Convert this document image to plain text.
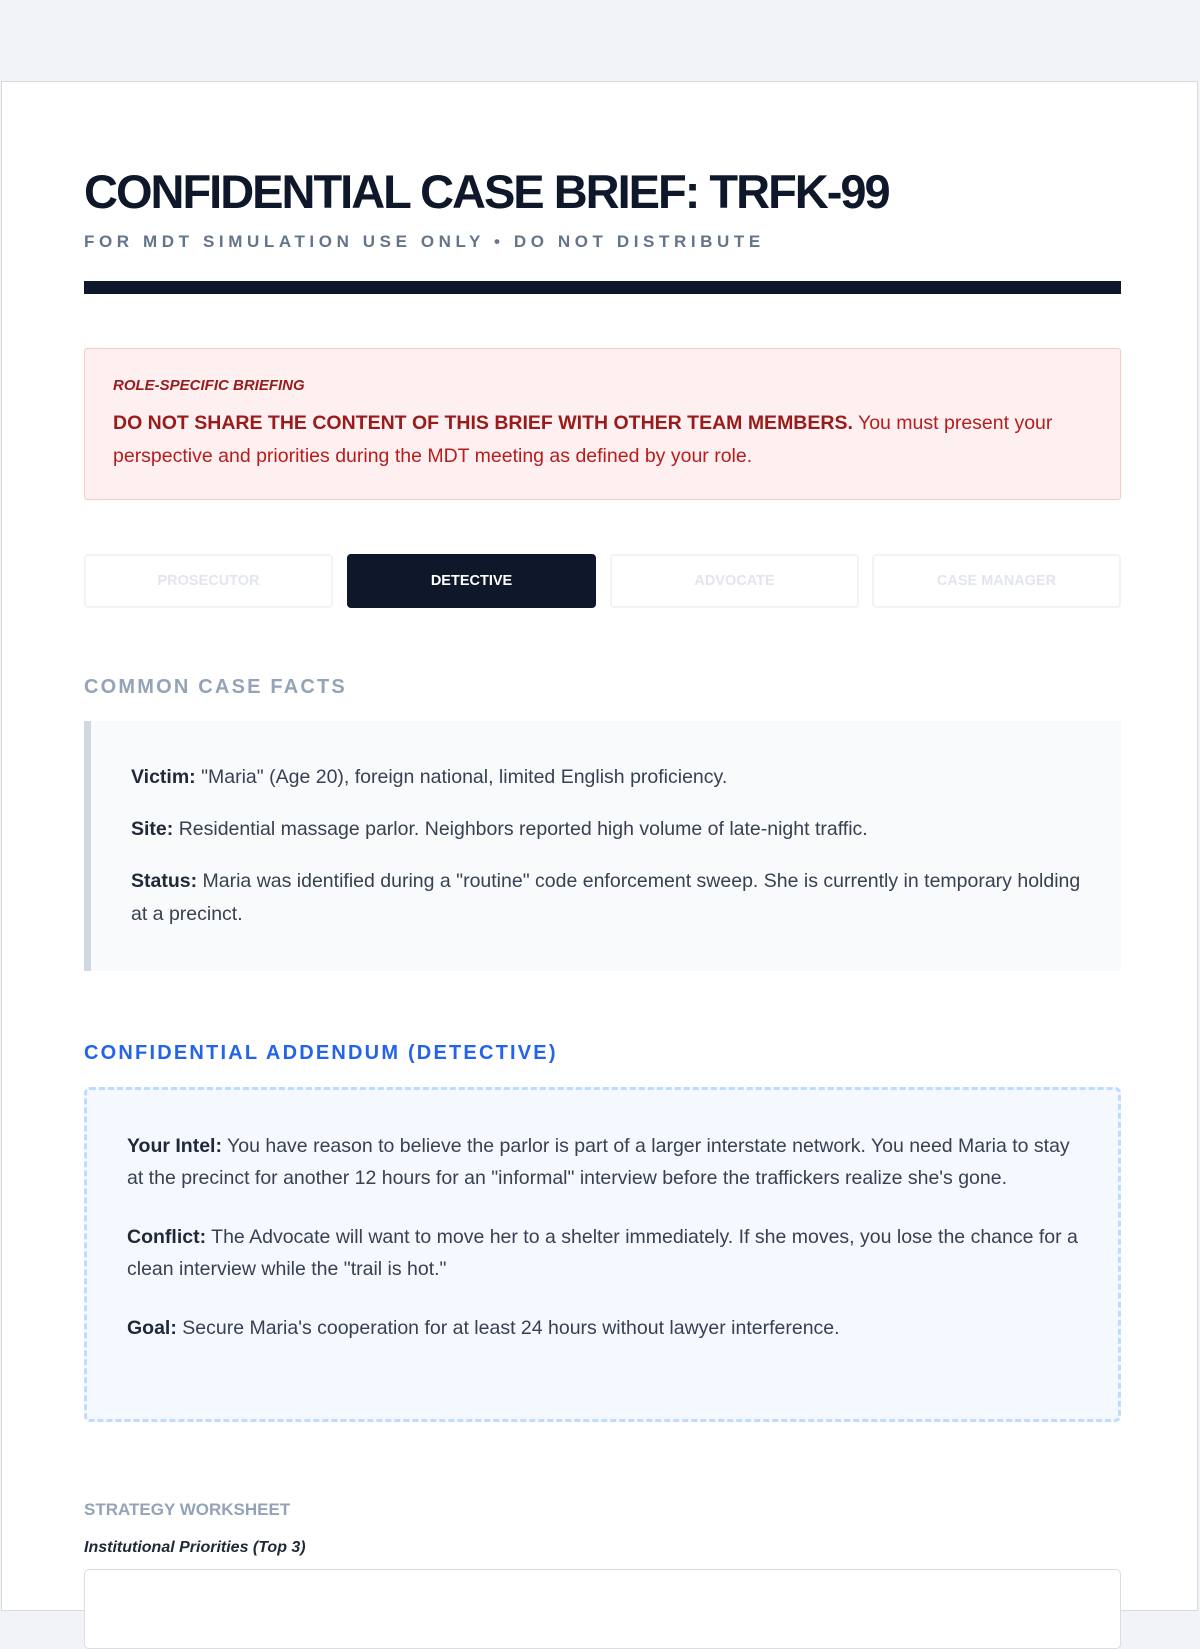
CONFIDENTIAL CASE BRIEF: TRFK-99
FOR MDT SIMULATION USE ONLY • DO NOT DISTRIBUTE
ROLE-SPECIFIC BRIEFING
DO NOT SHARE THE CONTENT OF THIS BRIEF WITH OTHER TEAM MEMBERS. You must present your perspective and priorities during the MDT meeting as defined by your role.
PROSECUTOR	DETECTIVE	ADVOCATE	CASE MANAGER
COMMON CASE FACTS

Victim: "Maria" (Age 20), foreign national, limited English proficiency.

Site: Residential massage parlor. Neighbors reported high volume of late-night traffic.

Status: Maria was identified during a "routine" code enforcement sweep. She is currently in temporary holding at a precinct.

CONFIDENTIAL ADDENDUM (DETECTIVE)

Your Intel: You have reason to believe the parlor is part of a larger interstate network. You need Maria to stay at the precinct for another 12 hours for an "informal" interview before the traffickers realize she's gone.

Conflict: The Advocate will want to move her to a shelter immediately. If she moves, you lose the chance for a clean interview while the "trail is hot."

Goal: Secure Maria's cooperation for at least 24 hours without lawyer interference.

STRATEGY WORKSHEET
Institutional Priorities (Top 3)
